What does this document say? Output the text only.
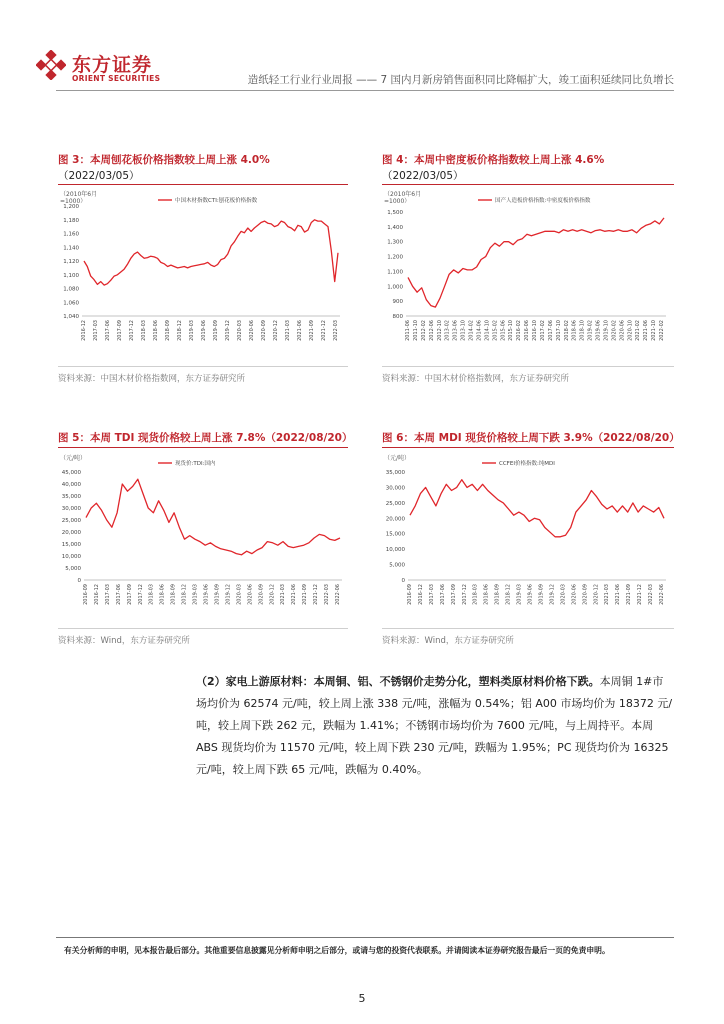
东方证券
ORIENT SECURITIES	造纸轻工行业行业周报 —— 7 国内月新房销售面积同比降幅扩大，竣工面积延续同比负增长
图 3：本周刨花板价格指数较上周上涨 4.0%
（2022/03/05）
（2010年6月
=1000）
1,200
1,180
1,160
1,140
1,120
1,100
1,080
1,060
1,040
2016-12 2017-03 2017-06 2017-09 2017-12 2018-03 2018-06 2018-09 2018-12 2019-03 2019-06 2019-09 2019-12 2020-03 2020-06 2020-09 2020-12 2021-03 2021-06 2021-09 2021-12 2022-03
中国木材指数CTI:刨花板价格指数
资料来源：中国木材价格指数网，东方证券研究所
图 4：本周中密度板价格指数较上周上涨 4.6%
（2022/03/05）
（2010年6月
=1000）
1,500
1,400
1,300
1,200
1,100
1,000
900
800
2011-06 2011-10 2012-02 2012-06 2012-10 2013-02 2013-06 2013-10 2014-02 2014-06 2014-10 2015-02 2015-06 2015-10 2016-02 2016-06 2016-10 2017-02 2017-06 2017-10 2018-02 2018-06 2018-10 2019-02 2019-06 2019-10 2020-02 2020-06 2020-10 2021-02 2021-06 2021-10 2022-02
国产人造板价格指数:中密度板价格指数
资料来源：中国木材价格指数网，东方证券研究所
图 5：本周 TDI 现货价格较上周上涨 7.8%（2022/08/20）
（元/吨）
45,000
40,000
35,000
30,000
25,000
20,000
15,000
10,000
5,000
0
2016-09 2016-12 2017-03 2017-06 2017-09 2017-12 2018-03 2018-06 2018-09 2018-12 2019-03 2019-06 2019-09 2019-12 2020-03 2020-06 2020-09 2020-12 2021-03 2021-06 2021-09 2021-12 2022-03 2022-06
现货价:TDI:国内
资料来源：Wind，东方证券研究所
图 6：本周 MDI 现货价格较上周下跌 3.9%（2022/08/20）
（元/吨）
35,000
30,000
25,000
20,000
15,000
10,000
5,000
0
2016-09 2016-12 2017-03 2017-06 2017-09 2017-12 2018-03 2018-06 2018-09 2018-12 2019-03 2019-06 2019-09 2019-12 2020-03 2020-06 2020-09 2020-12 2021-03 2021-06 2021-09 2021-12 2022-03 2022-06
CCFEI价格指数:纯MDI
资料来源：Wind，东方证券研究所
（2）家电上游原材料：本周铜、铝、不锈钢价走势分化，塑料类原材料价格下跌。本周铜 1#市场均价为 62574 元/吨，较上周上涨 338 元/吨，涨幅为 0.54%；铝 A00 市场均价为 18372 元/吨，较上周下跌 262 元，跌幅为 1.41%；不锈钢市场均价为 7600 元/吨，与上周持平。本周 ABS 现货均价为 11570 元/吨，较上周下跌 230 元/吨，跌幅为 1.95%；PC 现货均价为 16325 元/吨，较上周下跌 65 元/吨，跌幅为 0.40%。
有关分析师的申明，见本报告最后部分。其他重要信息披露见分析师申明之后部分，或请与您的投资代表联系。并请阅读本证券研究报告最后一页的免责申明。
5
